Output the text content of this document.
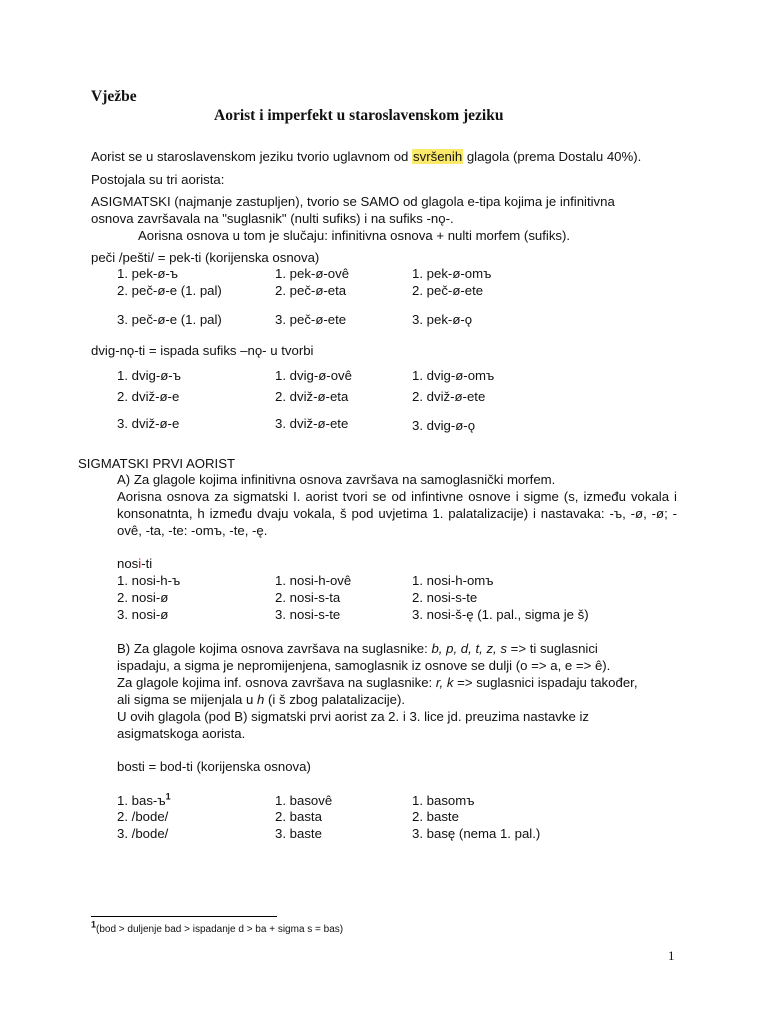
Vježbe
Aorist i imperfekt u staroslavenskom jeziku
Aorist se u staroslavenskom jeziku tvorio uglavnom od svršenih glagola (prema Dostalu 40%).
Postojala su tri aorista:
ASIGMATSKI (najmanje zastupljen), tvorio se SAMO od glagola e-tipa kojima je infinitivna
osnova završavala na "suglasnik" (nulti sufiks) i na sufiks -nǫ-.
Aorisna osnova u tom je slučaju: infinitivna osnova + nulti morfem (sufiks).
peči /pešti/ = pek-ti (korijenska osnova)
1. pek-ø-ъ	1. pek-ø-ovê	1. pek-ø-omъ
2. peč-ø-e (1. pal)	2. peč-ø-eta	2. peč-ø-ete
3. peč-ø-e (1. pal)	3. peč-ø-ete	3. pek-ø-ǫ
dvig-nǫ-ti = ispada sufiks –nǫ- u tvorbi
1. dvig-ø-ъ	1. dvig-ø-ovê	1. dvig-ø-omъ
2. dviž-ø-e	2. dviž-ø-eta	2. dviž-ø-ete
3. dviž-ø-e	3. dviž-ø-ete	3. dvig-ø-ǫ
SIGMATSKI PRVI AORIST
A) Za glagole kojima infinitivna osnova završava na samoglasnički morfem.
Aorisna osnova za sigmatski I. aorist tvori se od infintivne osnove i sigme (s, između vokala i konsonatnta, h između dvaju vokala, š pod uvjetima 1. palatalizacije) i nastavaka: -ъ, -ø, -ø; -ovê, -ta, -te: -omъ, -te, -ę.
nosi-ti
1. nosi-h-ъ	1. nosi-h-ovê	1. nosi-h-omъ
2. nosi-ø	2. nosi-s-ta	2. nosi-s-te
3. nosi-ø	3. nosi-s-te	3. nosi-š-ę (1. pal., sigma je š)
B) Za glagole kojima osnova završava na suglasnike: b, p, d, t, z, s => ti suglasnici
ispadaju, a sigma je nepromijenjena, samoglasnik iz osnove se dulji (o => a, e => ê).
Za glagole kojima inf. osnova završava na suglasnike: r, k => suglasnici ispadaju također,
ali sigma se mijenjala u h (i š zbog palatalizacije).
U ovih glagola (pod B) sigmatski prvi aorist za 2. i 3. lice jd. preuzima nastavke iz
asigmatskoga aorista.
bosti = bod-ti (korijenska osnova)
1. bas-$ъ^1$	1. basovê	1. basomъ
2. /bode/	2. basta	2. baste
3. /bode/	3. baste	3. basę (nema 1. pal.)
1(bod > duljenje bad > ispadanje d > ba + sigma s = bas)
1
